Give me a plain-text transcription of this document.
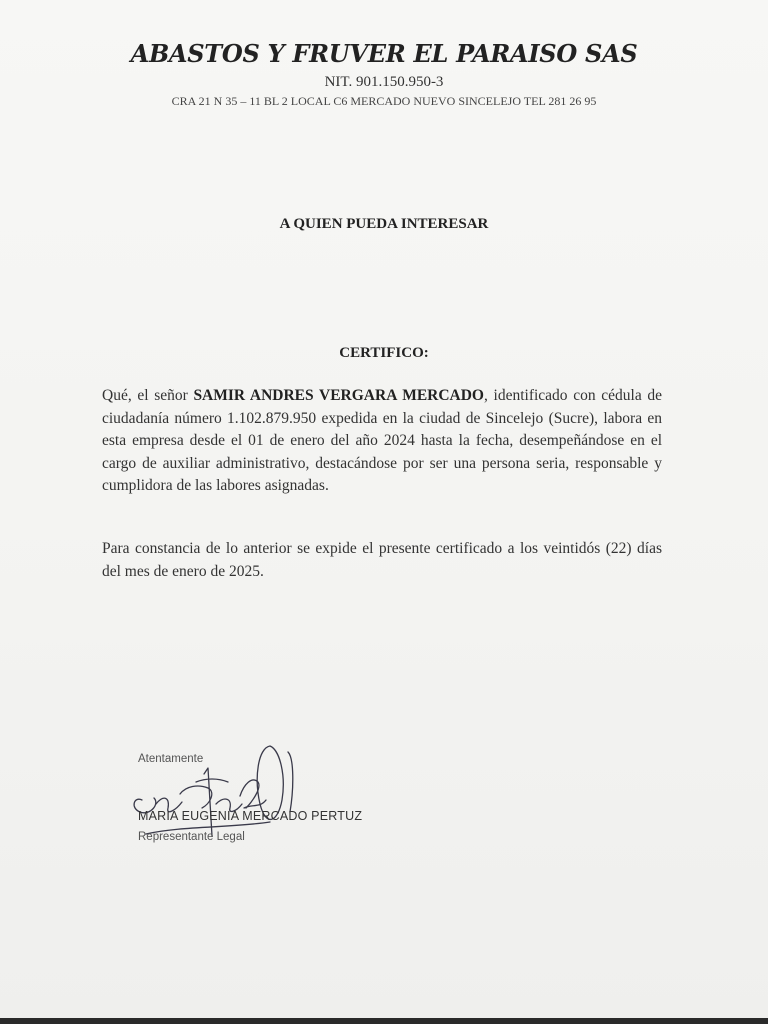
ABASTOS Y FRUVER EL PARAISO SAS

NIT. 901.150.950-3

CRA 21 N 35 – 11 BL 2 LOCAL C6 MERCADO NUEVO SINCELEJO TEL 281 26 95

A QUIEN PUEDA INTERESAR
CERTIFICO:

Qué, el señor SAMIR ANDRES VERGARA MERCADO, identificado con cédula de ciudadanía número 1.102.879.950 expedida en la ciudad de Sincelejo (Sucre), labora en esta empresa desde el 01 de enero del año 2024 hasta la fecha, desempeñándose en el cargo de auxiliar administrativo, destacándose por ser una persona seria, responsable y cumplidora de las labores asignadas.

Para constancia de lo anterior se expide el presente certificado a los veintidós (22) días del mes de enero de 2025.

Atentamente
MARIA EUGENIA MERCADO PERTUZ
Representante Legal
